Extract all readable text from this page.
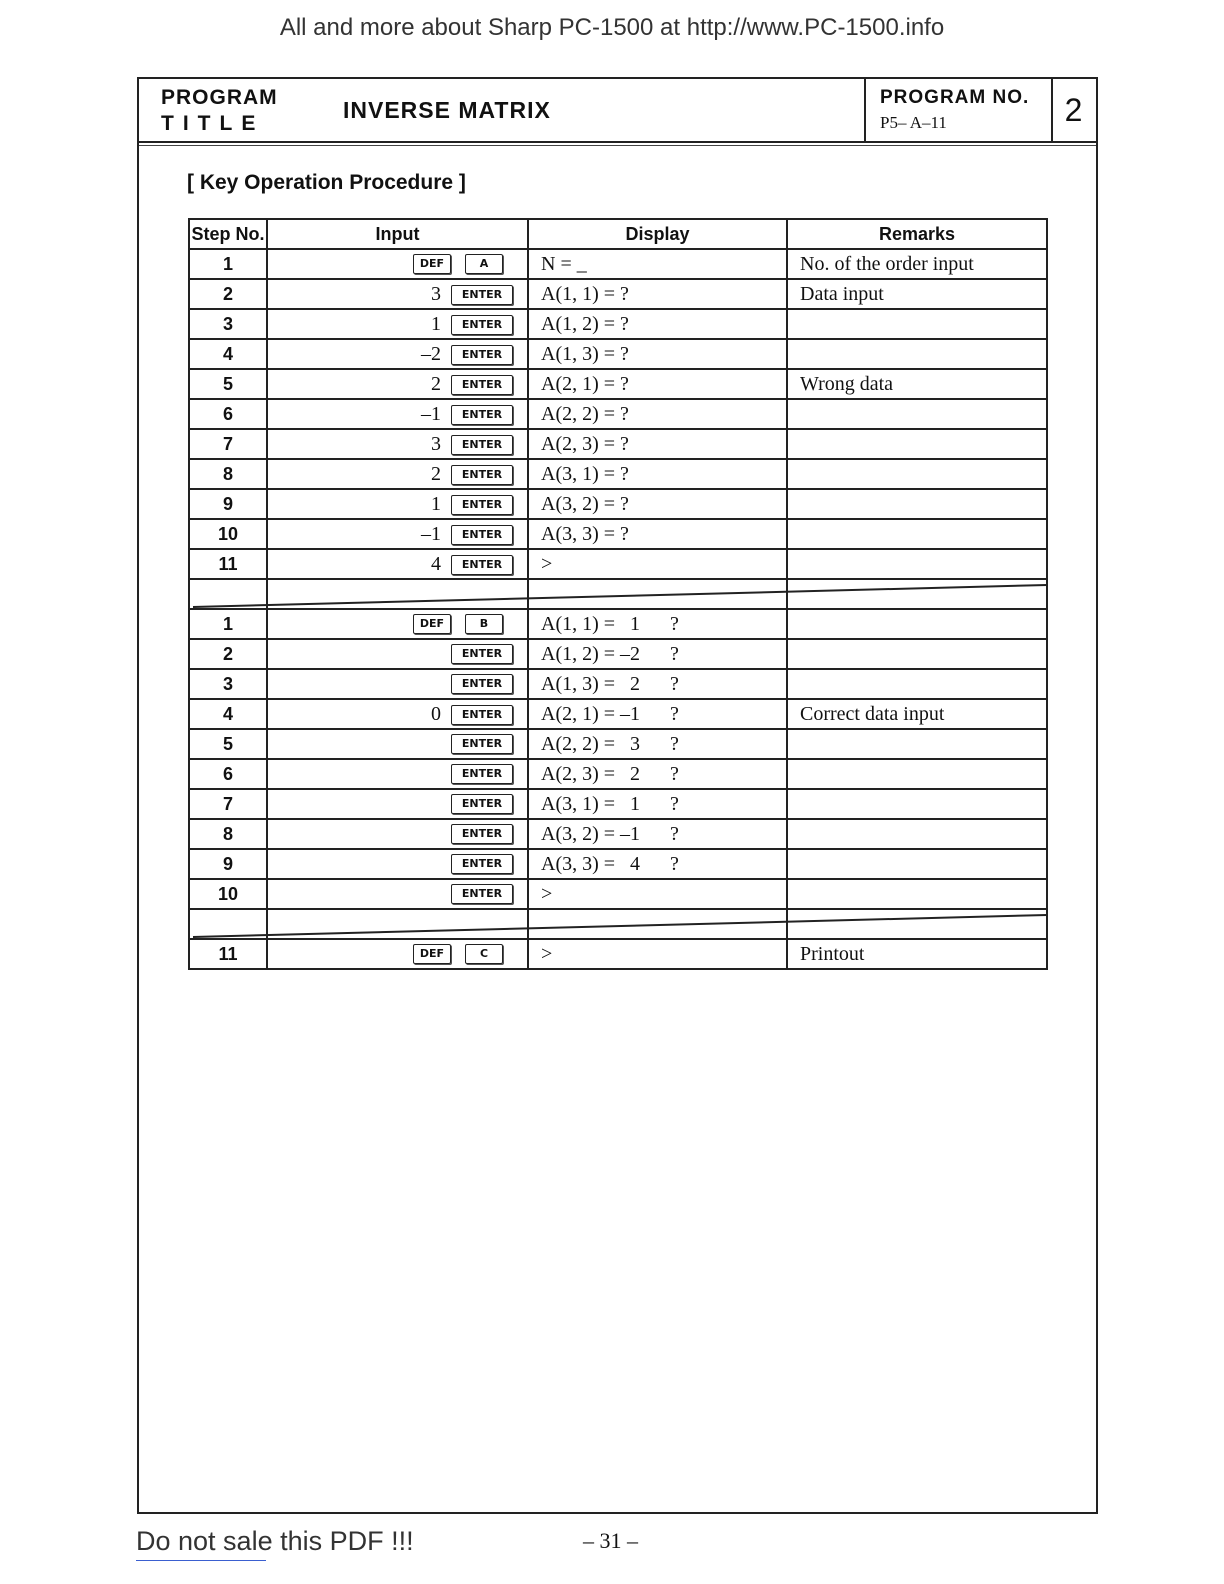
All and more about Sharp PC-1500 at http://www.PC-1500.info
PROGRAM
TITLE
INVERSE MATRIX	PROGRAM NO.
P5– A–11	2
[ Key Operation Procedure ]
Step No.	Input	Display	Remarks
1	DEF A	N = _	No. of the order input
2	3 ENTER	A(1, 1) = ?	Data input
3	1 ENTER	A(1, 2) = ?	
4	–2 ENTER	A(1, 3) = ?	
5	2 ENTER	A(2, 1) = ?	Wrong data
6	–1 ENTER	A(2, 2) = ?	
7	3 ENTER	A(2, 3) = ?	
8	2 ENTER	A(3, 1) = ?	
9	1 ENTER	A(3, 2) = ?	
10	–1 ENTER	A(3, 3) = ?	
11	4 ENTER	>	

1	DEF B	A(1, 1) =   1      ?	
2	ENTER	A(1, 2) = –2      ?	
3	ENTER	A(1, 3) =   2      ?	
4	0 ENTER	A(2, 1) = –1      ?	Correct data input
5	ENTER	A(2, 2) =   3      ?	
6	ENTER	A(2, 3) =   2      ?	
7	ENTER	A(3, 1) =   1      ?	
8	ENTER	A(3, 2) = –1      ?	
9	ENTER	A(3, 3) =   4      ?	
10	ENTER	>	

11	DEF C	>	Printout
Do not sale this PDF !!!	– 31 –
